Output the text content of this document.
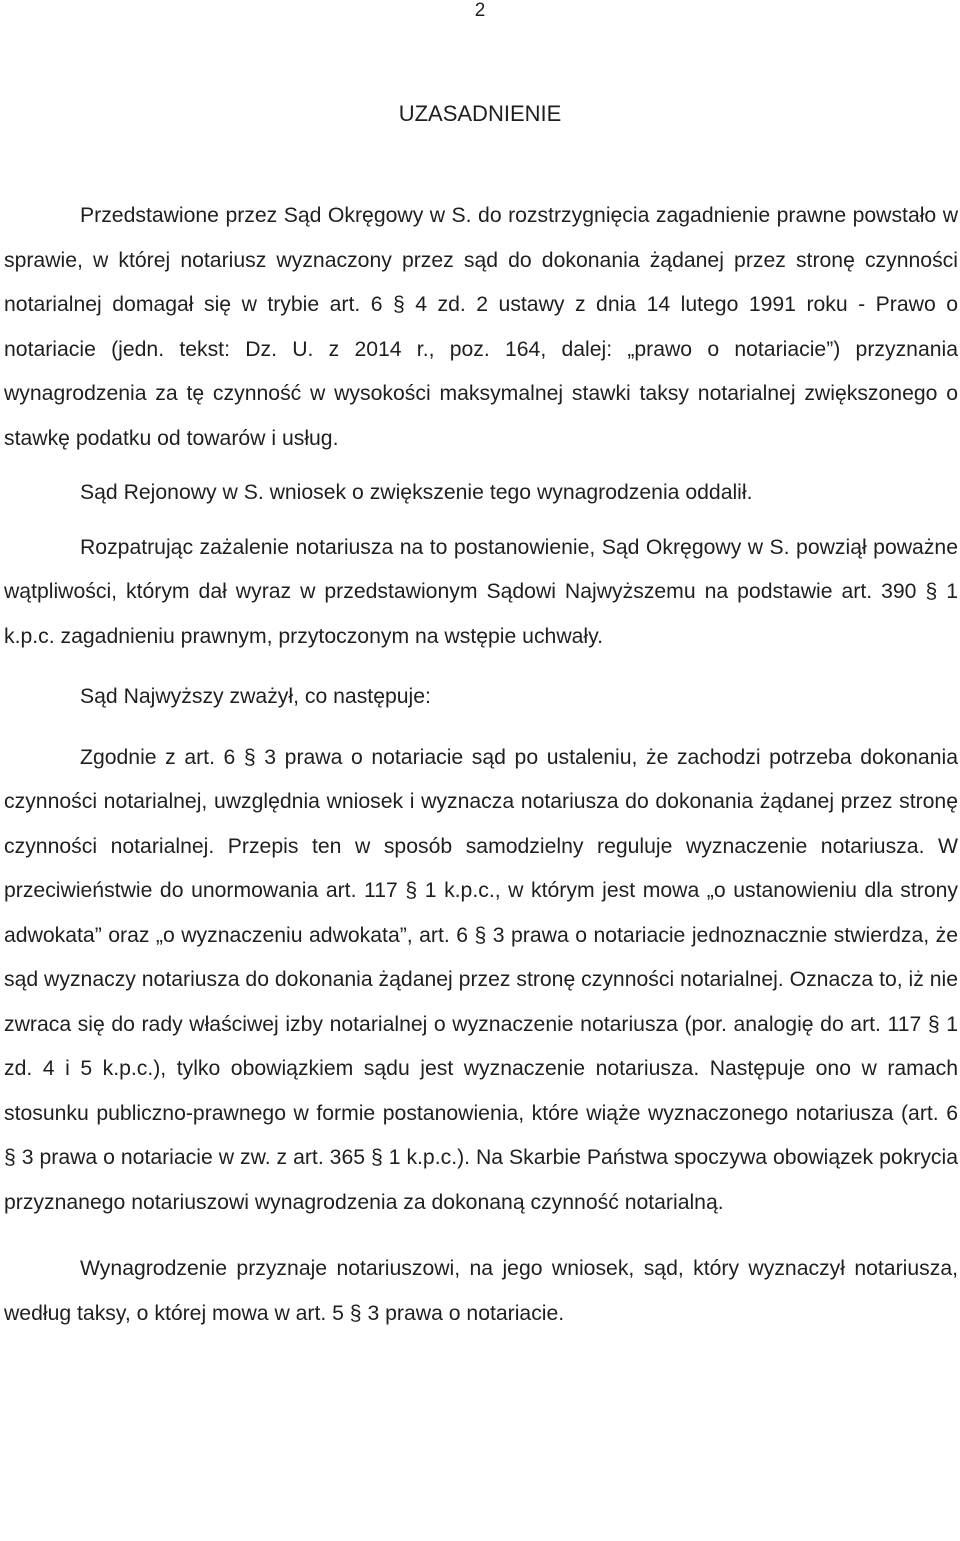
2
UZASADNIENIE

Przedstawione przez Sąd Okręgowy w S. do rozstrzygnięcia zagadnienie prawne powstało w sprawie, w której notariusz wyznaczony przez sąd do dokonania żądanej przez stronę czynności notarialnej domagał się w trybie art. 6 § 4 zd. 2 ustawy z dnia 14 lutego 1991 roku - Prawo o notariacie (jedn. tekst: Dz. U. z 2014 r., poz. 164, dalej: „prawo o notariacie”) przyznania wynagrodzenia za tę czynność w wysokości maksymalnej stawki taksy notarialnej zwiększonego o stawkę podatku od towarów i usług.

Sąd Rejonowy w S. wniosek o zwiększenie tego wynagrodzenia oddalił.

Rozpatrując zażalenie notariusza na to postanowienie, Sąd Okręgowy w S. powziął poważne wątpliwości, którym dał wyraz w przedstawionym Sądowi Najwyższemu na podstawie art. 390 § 1 k.p.c. zagadnieniu prawnym, przytoczonym na wstępie uchwały.

Sąd Najwyższy zważył, co następuje:

Zgodnie z art. 6 § 3 prawa o notariacie sąd po ustaleniu, że zachodzi potrzeba dokonania czynności notarialnej, uwzględnia wniosek i wyznacza notariusza do dokonania żądanej przez stronę czynności notarialnej. Przepis ten w sposób samodzielny reguluje wyznaczenie notariusza. W przeciwieństwie do unormowania art. 117 § 1 k.p.c., w którym jest mowa „o ustanowieniu dla strony adwokata” oraz „o wyznaczeniu adwokata”, art. 6 § 3 prawa o notariacie jednoznacznie stwierdza, że sąd wyznaczy notariusza do dokonania żądanej przez stronę czynności notarialnej. Oznacza to, iż nie zwraca się do rady właściwej izby notarialnej o wyznaczenie notariusza (por. analogię do art. 117 § 1 zd. 4 i 5 k.p.c.), tylko obowiązkiem sądu jest wyznaczenie notariusza. Następuje ono w ramach stosunku publiczno-prawnego w formie postanowienia, które wiąże wyznaczonego notariusza (art. 6 § 3 prawa o notariacie w zw. z art. 365 § 1 k.p.c.). Na Skarbie Państwa spoczywa obowiązek pokrycia przyznanego notariuszowi wynagrodzenia za dokonaną czynność notarialną.

Wynagrodzenie przyznaje notariuszowi, na jego wniosek, sąd, który wyznaczył notariusza, według taksy, o której mowa w art. 5 § 3 prawa o notariacie.
